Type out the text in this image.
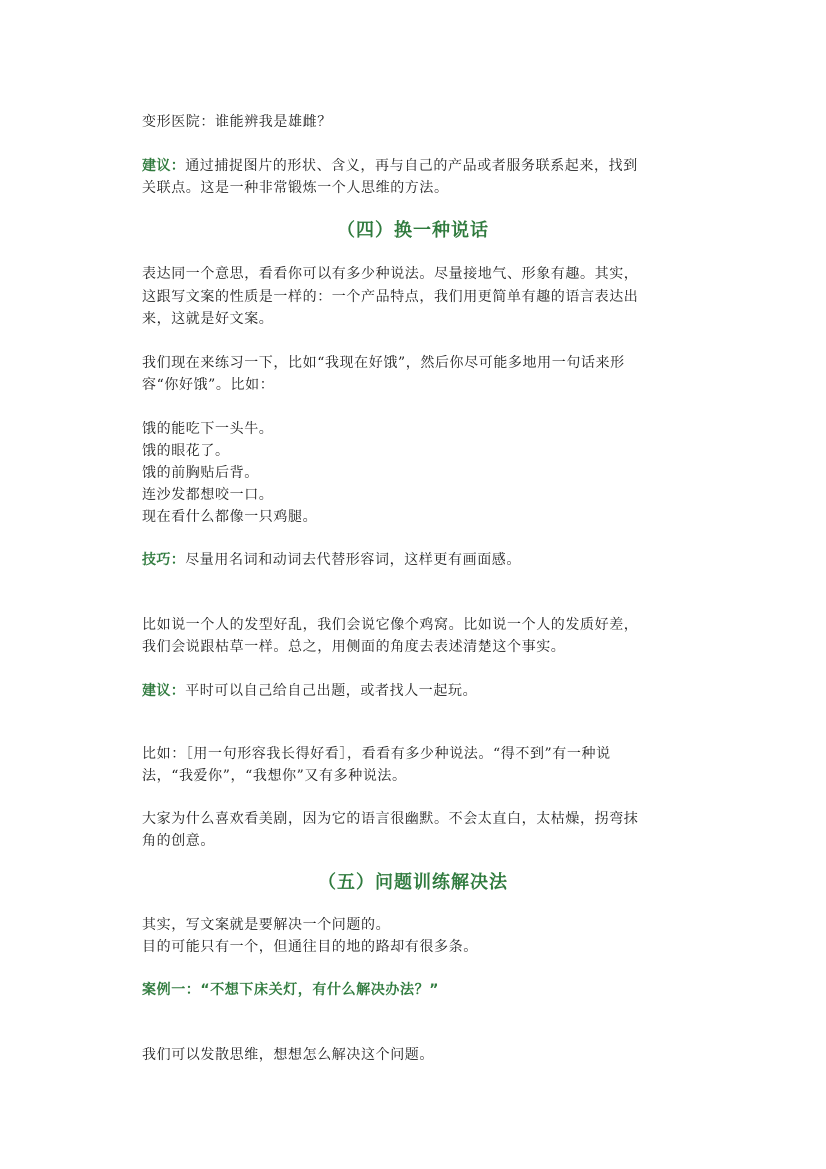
变形医院：谁能辨我是雄雌？
建议：通过捕捉图片的形状、含义，再与自己的产品或者服务联系起来，找到
关联点。这是一种非常锻炼一个人思维的方法。
（四）换一种说话
表达同一个意思，看看你可以有多少种说法。尽量接地气、形象有趣。其实，
这跟写文案的性质是一样的：一个产品特点，我们用更简单有趣的语言表达出
来，这就是好文案。
我们现在来练习一下，比如“我现在好饿”，然后你尽可能多地用一句话来形
容“你好饿”。比如：
饿的能吃下一头牛。
饿的眼花了。
饿的前胸贴后背。
连沙发都想咬一口。
现在看什么都像一只鸡腿。
技巧：尽量用名词和动词去代替形容词，这样更有画面感。
比如说一个人的发型好乱，我们会说它像个鸡窝。比如说一个人的发质好差，
我们会说跟枯草一样。总之，用侧面的角度去表述清楚这个事实。
建议：平时可以自己给自己出题，或者找人一起玩。
比如：［用一句形容我长得好看］，看看有多少种说法。“得不到”有一种说
法，“我爱你”，“我想你”又有多种说法。
大家为什么喜欢看美剧，因为它的语言很幽默。不会太直白，太枯燥，拐弯抹
角的创意。
（五）问题训练解决法
其实，写文案就是要解决一个问题的。
目的可能只有一个，但通往目的地的路却有很多条。
案例一：“不想下床关灯，有什么解决办法？”
我们可以发散思维，想想怎么解决这个问题。
